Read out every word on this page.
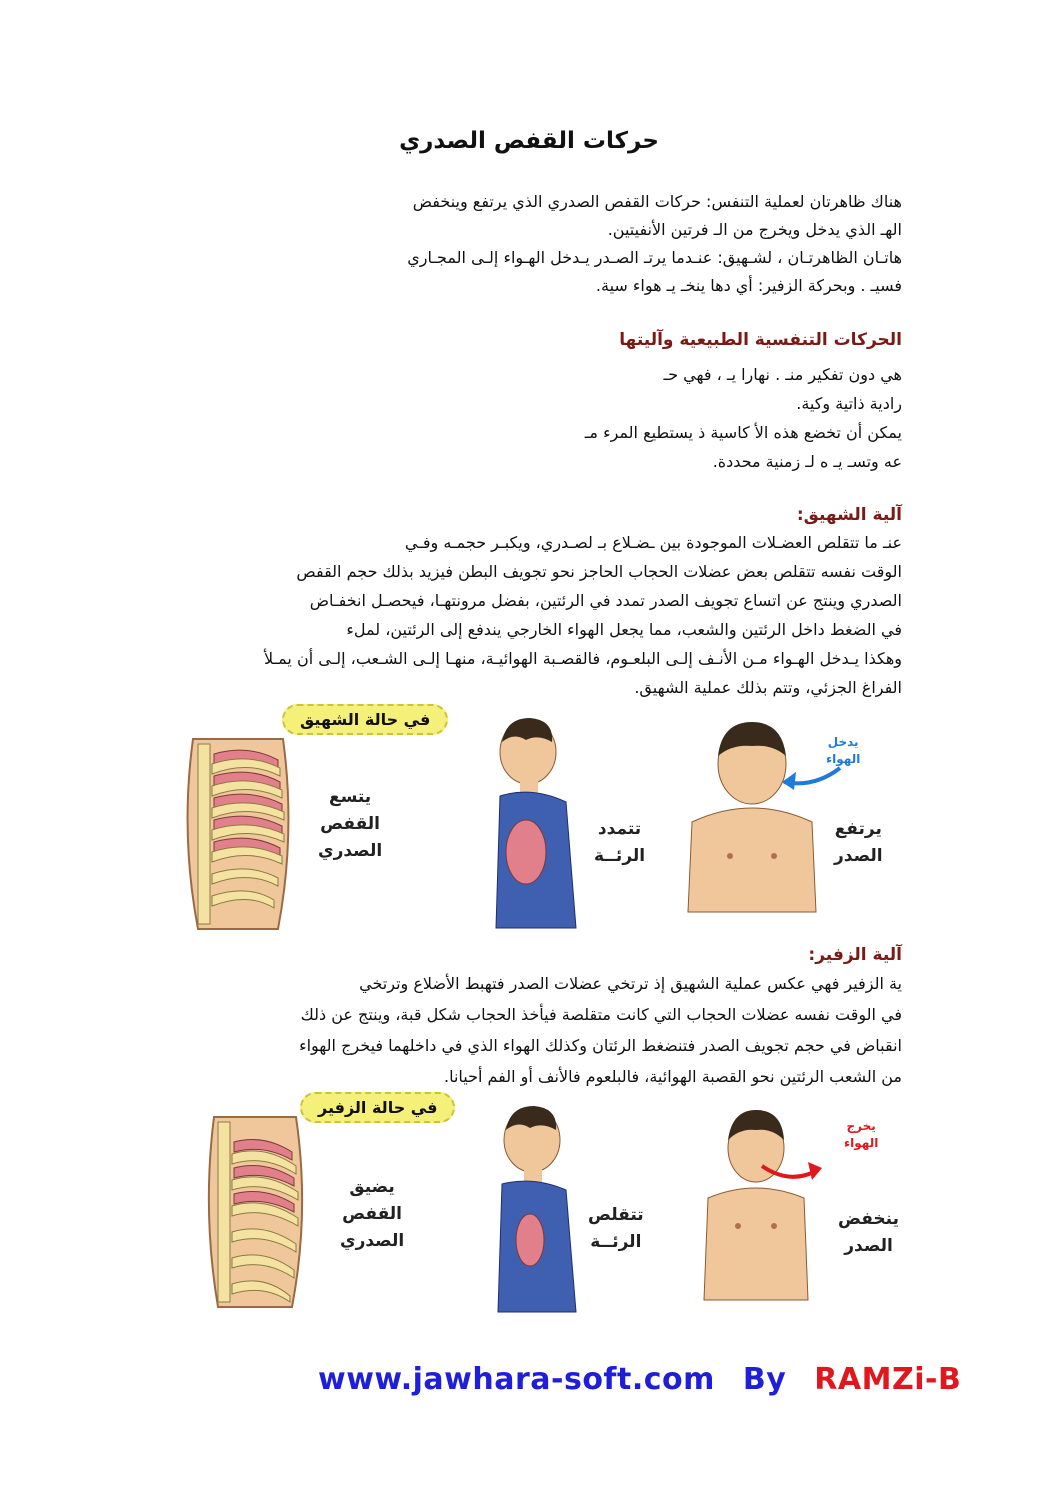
حركات القفص الصدري

هناك ظاهرتان لعملية التنفس: حركات القفص الصدري الذي يرتفع وينخفض

الهـ الذي يدخل ويخرج من الـ فرتين الأنفيتين.

هاتـان الظاهرتـان ، لشـهيق: عنـدما يرتـ الصـدر يـدخل الهـواء إلـى المجـاري

فسيـ . وبحركة الزفير: أي دها ينخـ يـ هواء سية.

الحركات التنفسية الطبيعية وآليتها

هي دون تفكير منـ . نهارا يـ ، فهي حـ

رادية ذاتية وكية.

يمكن أن تخضع هذه الأ كاسية ذ يستطيع المرء مـ

عه وتسـ يـ ه لـ زمنية محددة.

آلية الشهيق:

عنـ ما تتقلص العضـلات الموجودة بين ـضـلاع بـ لصـدري، ويكبـر حجمـه وفـي

الوقت نفسه تتقلص بعض عضلات الحجاب الحاجز نحو تجويف البطن فيزيد بذلك حجم القفص

الصدري وينتج عن اتساع تجويف الصدر تمدد في الرئتين، بفضل مرونتهـا، فيحصـل انخفـاض

في الضغط داخل الرئتين والشعب، مما يجعل الهواء الخارجي يندفع إلى الرئتين، لملء

وهكذا يـدخل الهـواء مـن الأنـف إلـى البلعـوم، فالقصـبة الهوائيـة، منهـا إلـى الشـعب، إلـى أن يمـلأ

الفراغ الجزئي، وتتم بذلك عملية الشهيق.

في حالة الشهيق
يتسع
القفص
الصدري
تتمدد
الرئــة
يدخل
الهواء
يرتفع
الصدر
آلية الزفير:

ية الزفير فهي عكس عملية الشهيق إذ ترتخي عضلات الصدر فتهبط الأضلاع وترتخي

في الوقت نفسه عضلات الحجاب التي كانت متقلصة فيأخذ الحجاب شكل قبة، وينتج عن ذلك

انقباض في حجم تجويف الصدر فتنضغط الرئتان وكذلك الهواء الذي في داخلهما فيخرج الهواء

من الشعب الرئتين نحو القصبة الهوائية، فالبلعوم فالأنف أو الفم أحيانا.

في حالة الزفير
يضيق
القفص
الصدري
تتقلص
الرئــة
يخرج
الهواء
ينخفض
الصدر
www.jawhara-soft.com By RAMZi-B
